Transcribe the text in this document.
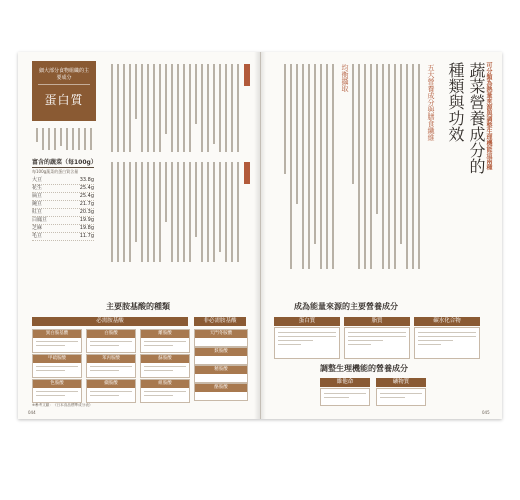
細大部分食物組織的主要成分
蛋白質
富含的蔬菜（每100g）
每100g蔬菜的蛋白質含量
大豆	33.8g
花生	25.4g
扁豆	25.4g
豌豆	21.7g
紅豆	20.3g
白鳳豆	19.9g
芝麻	19.8g
毛豆	11.7g
主要胺基酸的種類
必需胺基酸	非必需胺基酸
異白胺基酸	白胺酸	離胺酸
甲硫胺酸	苯丙胺酸	蘇胺酸
色胺酸	纈胺酸	組胺酸
天門冬胺酸
麩胺酸
精胺酸
酪胺酸
※參考文獻：《日本食品標準成分表》
044
可分類為熱量來源與調整生理機能這兩種
蔬菜營養成分的
種類與功效
五大營養成分與膳食纖維
均衡攝取
成為能量來源的主要營養成分
蛋白質	脂質	碳水化合物
調整生理機能的營養成分
維他命	礦物質
045
